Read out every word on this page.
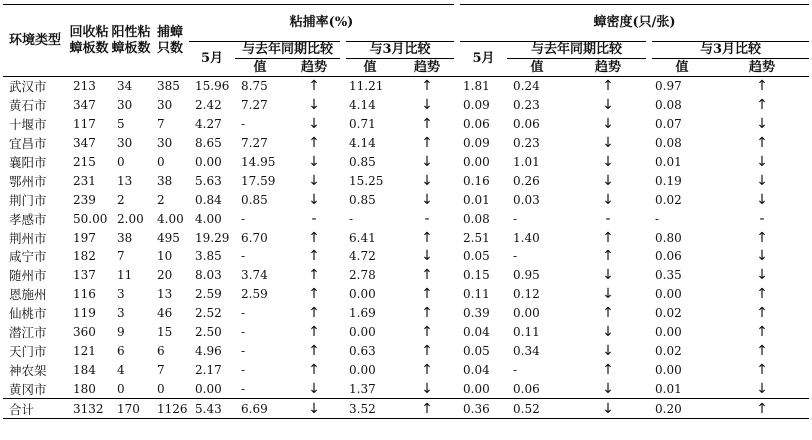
环境类型	回收粘蟑板数	阳性粘蟑板数	捕蟑只数	粘捕率(%)					蟑密度(只/张)				
				5月	与去年同期比较		与3月比较		5月	与去年同期比较		与3月比较	
					值	趋势	值	趋势		值	趋势	值	趋势
武汉市	213	34	385	15.96	8.75	↑	11.21	↑	1.81	0.24	↑	0.97	↑
黄石市	347	30	30	2.42	7.27	↓	4.14	↓	0.09	0.23	↓	0.08	↑
十堰市	117	5	7	4.27	-	↓	0.71	↑	0.06	0.06	↓	0.07	↓
宜昌市	347	30	30	8.65	7.27	↑	4.14	↑	0.09	0.23	↓	0.08	↑
襄阳市	215	0	0	0.00	14.95	↓	0.85	↓	0.00	1.01	↓	0.01	↓
鄂州市	231	13	38	5.63	17.59	↓	15.25	↓	0.16	0.26	↓	0.19	↓
荆门市	239	2	2	0.84	0.85	↓	0.85	↓	0.01	0.03	↓	0.02	↓
孝感市	50.00	2.00	4.00	4.00	-	-	-	-	0.08	-	-	-	-
荆州市	197	38	495	19.29	6.70	↑	6.41	↑	2.51	1.40	↑	0.80	↑
咸宁市	182	7	10	3.85	-	↑	4.72	↓	0.05	-	↑	0.06	↓
随州市	137	11	20	8.03	3.74	↑	2.78	↑	0.15	0.95	↓	0.35	↓
恩施州	116	3	13	2.59	2.59	↑	0.00	↑	0.11	0.12	↓	0.00	↑
仙桃市	119	3	46	2.52	-	↑	1.69	↑	0.39	0.00	↑	0.02	↑
潜江市	360	9	15	2.50	-	↑	0.00	↑	0.04	0.11	↓	0.00	↑
天门市	121	6	6	4.96	-	↑	0.63	↑	0.05	0.34	↓	0.02	↑
神农架	184	4	7	2.17	-	↑	0.00	↑	0.04	-	↑	0.00	↑
黄冈市	180	0	0	0.00	-	↓	1.37	↓	0.00	0.06	↓	0.01	↓
合计	3132	170	1126	5.43	6.69	↓	3.52	↑	0.36	0.52	↓	0.20	↑
